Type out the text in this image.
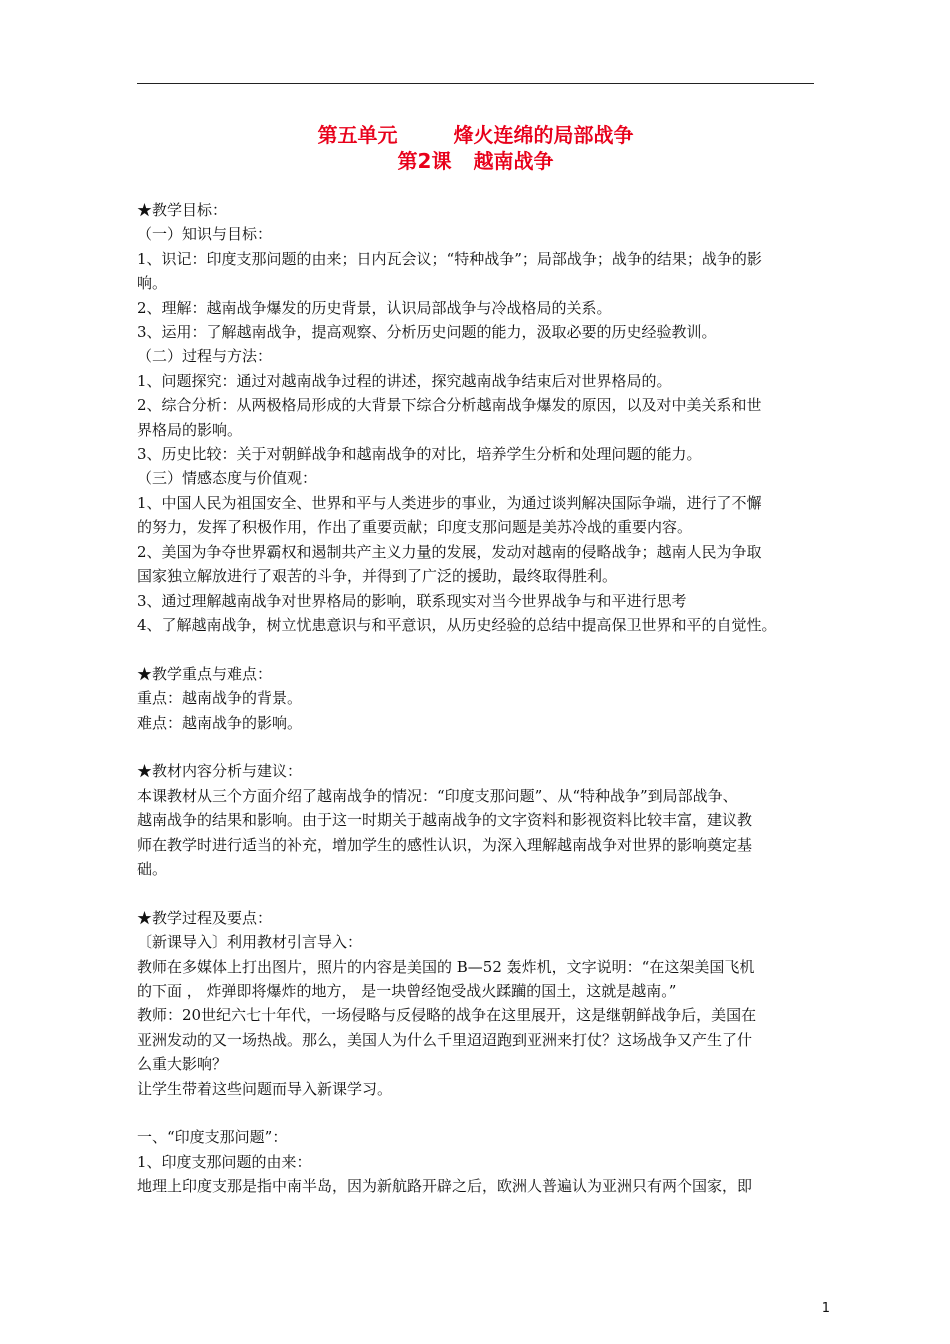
第五单元	烽火连绵的局部战争
第2课 越南战争

★教学目标：

（一）知识与目标：

1、识记：印度支那问题的由来；日内瓦会议；“特种战争”；局部战争；战争的结果；战争的影

响。

2、理解：越南战争爆发的历史背景，认识局部战争与冷战格局的关系。

3、运用：了解越南战争，提高观察、分析历史问题的能力，汲取必要的历史经验教训。

（二）过程与方法：

1、问题探究：通过对越南战争过程的讲述，探究越南战争结束后对世界格局的。

2、综合分析：从两极格局形成的大背景下综合分析越南战争爆发的原因，以及对中美关系和世

界格局的影响。

3、历史比较：关于对朝鲜战争和越南战争的对比，培养学生分析和处理问题的能力。

（三）情感态度与价值观：

1、中国人民为祖国安全、世界和平与人类进步的事业，为通过谈判解决国际争端，进行了不懈

的努力，发挥了积极作用，作出了重要贡献；印度支那问题是美苏冷战的重要内容。

2、美国为争夺世界霸权和遏制共产主义力量的发展，发动对越南的侵略战争；越南人民为争取

国家独立解放进行了艰苦的斗争，并得到了广泛的援助，最终取得胜利。

3、通过理解越南战争对世界格局的影响，联系现实对当今世界战争与和平进行思考

4、了解越南战争，树立忧患意识与和平意识，从历史经验的总结中提高保卫世界和平的自觉性。

★教学重点与难点：

重点：越南战争的背景。

难点：越南战争的影响。

★教材内容分析与建议：

本课教材从三个方面介绍了越南战争的情况：“印度支那问题”、从“特种战争”到局部战争、

越南战争的结果和影响。由于这一时期关于越南战争的文字资料和影视资料比较丰富，建议教

师在教学时进行适当的补充，增加学生的感性认识，为深入理解越南战争对世界的影响奠定基

础。

★教学过程及要点：

〔新课导入〕利用教材引言导入：

教师在多媒体上打出图片，照片的内容是美国的 B—52 轰炸机，文字说明：“在这架美国飞机

的下面 ， 炸弹即将爆炸的地方， 是一块曾经饱受战火蹂躏的国土，这就是越南。”

教师：20世纪六七十年代，一场侵略与反侵略的战争在这里展开，这是继朝鲜战争后，美国在

亚洲发动的又一场热战。那么，美国人为什么千里迢迢跑到亚洲来打仗？这场战争又产生了什

么重大影响？

让学生带着这些问题而导入新课学习。

一、“印度支那问题”：

1、印度支那问题的由来：

地理上印度支那是指中南半岛，因为新航路开辟之后，欧洲人普遍认为亚洲只有两个国家，即

1
